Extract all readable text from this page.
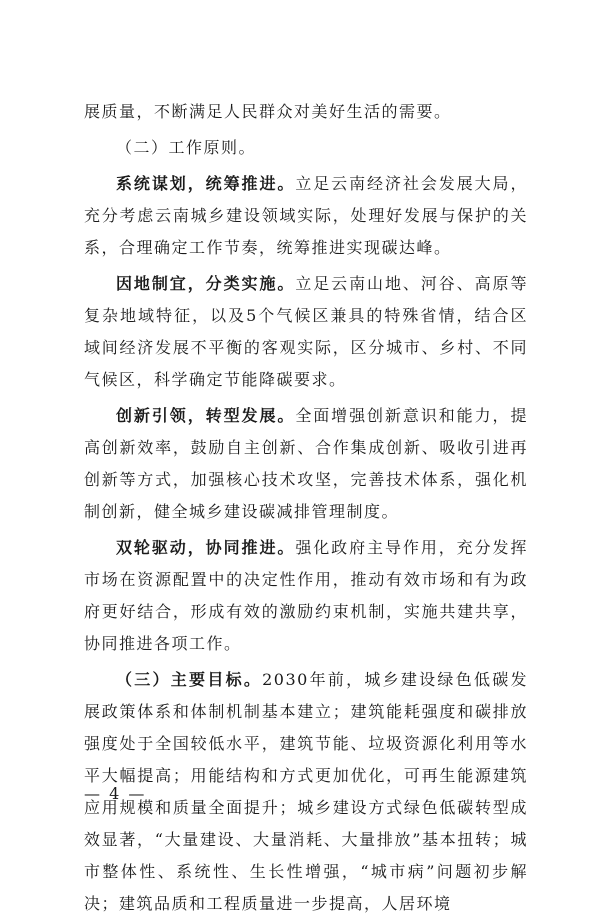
展质量，不断满足人民群众对美好生活的需要。

（二）工作原则。

系统谋划，统筹推进。立足云南经济社会发展大局，充分考虑云南城乡建设领域实际，处理好发展与保护的关系，合理确定工作节奏，统筹推进实现碳达峰。

因地制宜，分类实施。立足云南山地、河谷、高原等复杂地域特征，以及5个气候区兼具的特殊省情，结合区域间经济发展不平衡的客观实际，区分城市、乡村、不同气候区，科学确定节能降碳要求。

创新引领，转型发展。全面增强创新意识和能力，提高创新效率，鼓励自主创新、合作集成创新、吸收引进再创新等方式，加强核心技术攻坚，完善技术体系，强化机制创新，健全城乡建设碳减排管理制度。

双轮驱动，协同推进。强化政府主导作用，充分发挥市场在资源配置中的决定性作用，推动有效市场和有为政府更好结合，形成有效的激励约束机制，实施共建共享，协同推进各项工作。

（三）主要目标。2030年前，城乡建设绿色低碳发展政策体系和体制机制基本建立；建筑能耗强度和碳排放强度处于全国较低水平，建筑节能、垃圾资源化利用等水平大幅提高；用能结构和方式更加优化，可再生能源建筑应用规模和质量全面提升；城乡建设方式绿色低碳转型成效显著，“大量建设、大量消耗、大量排放”基本扭转；城市整体性、系统性、生长性增强，“城市病”问题初步解决；建筑品质和工程质量进一步提高，人居环境

— 4 —
